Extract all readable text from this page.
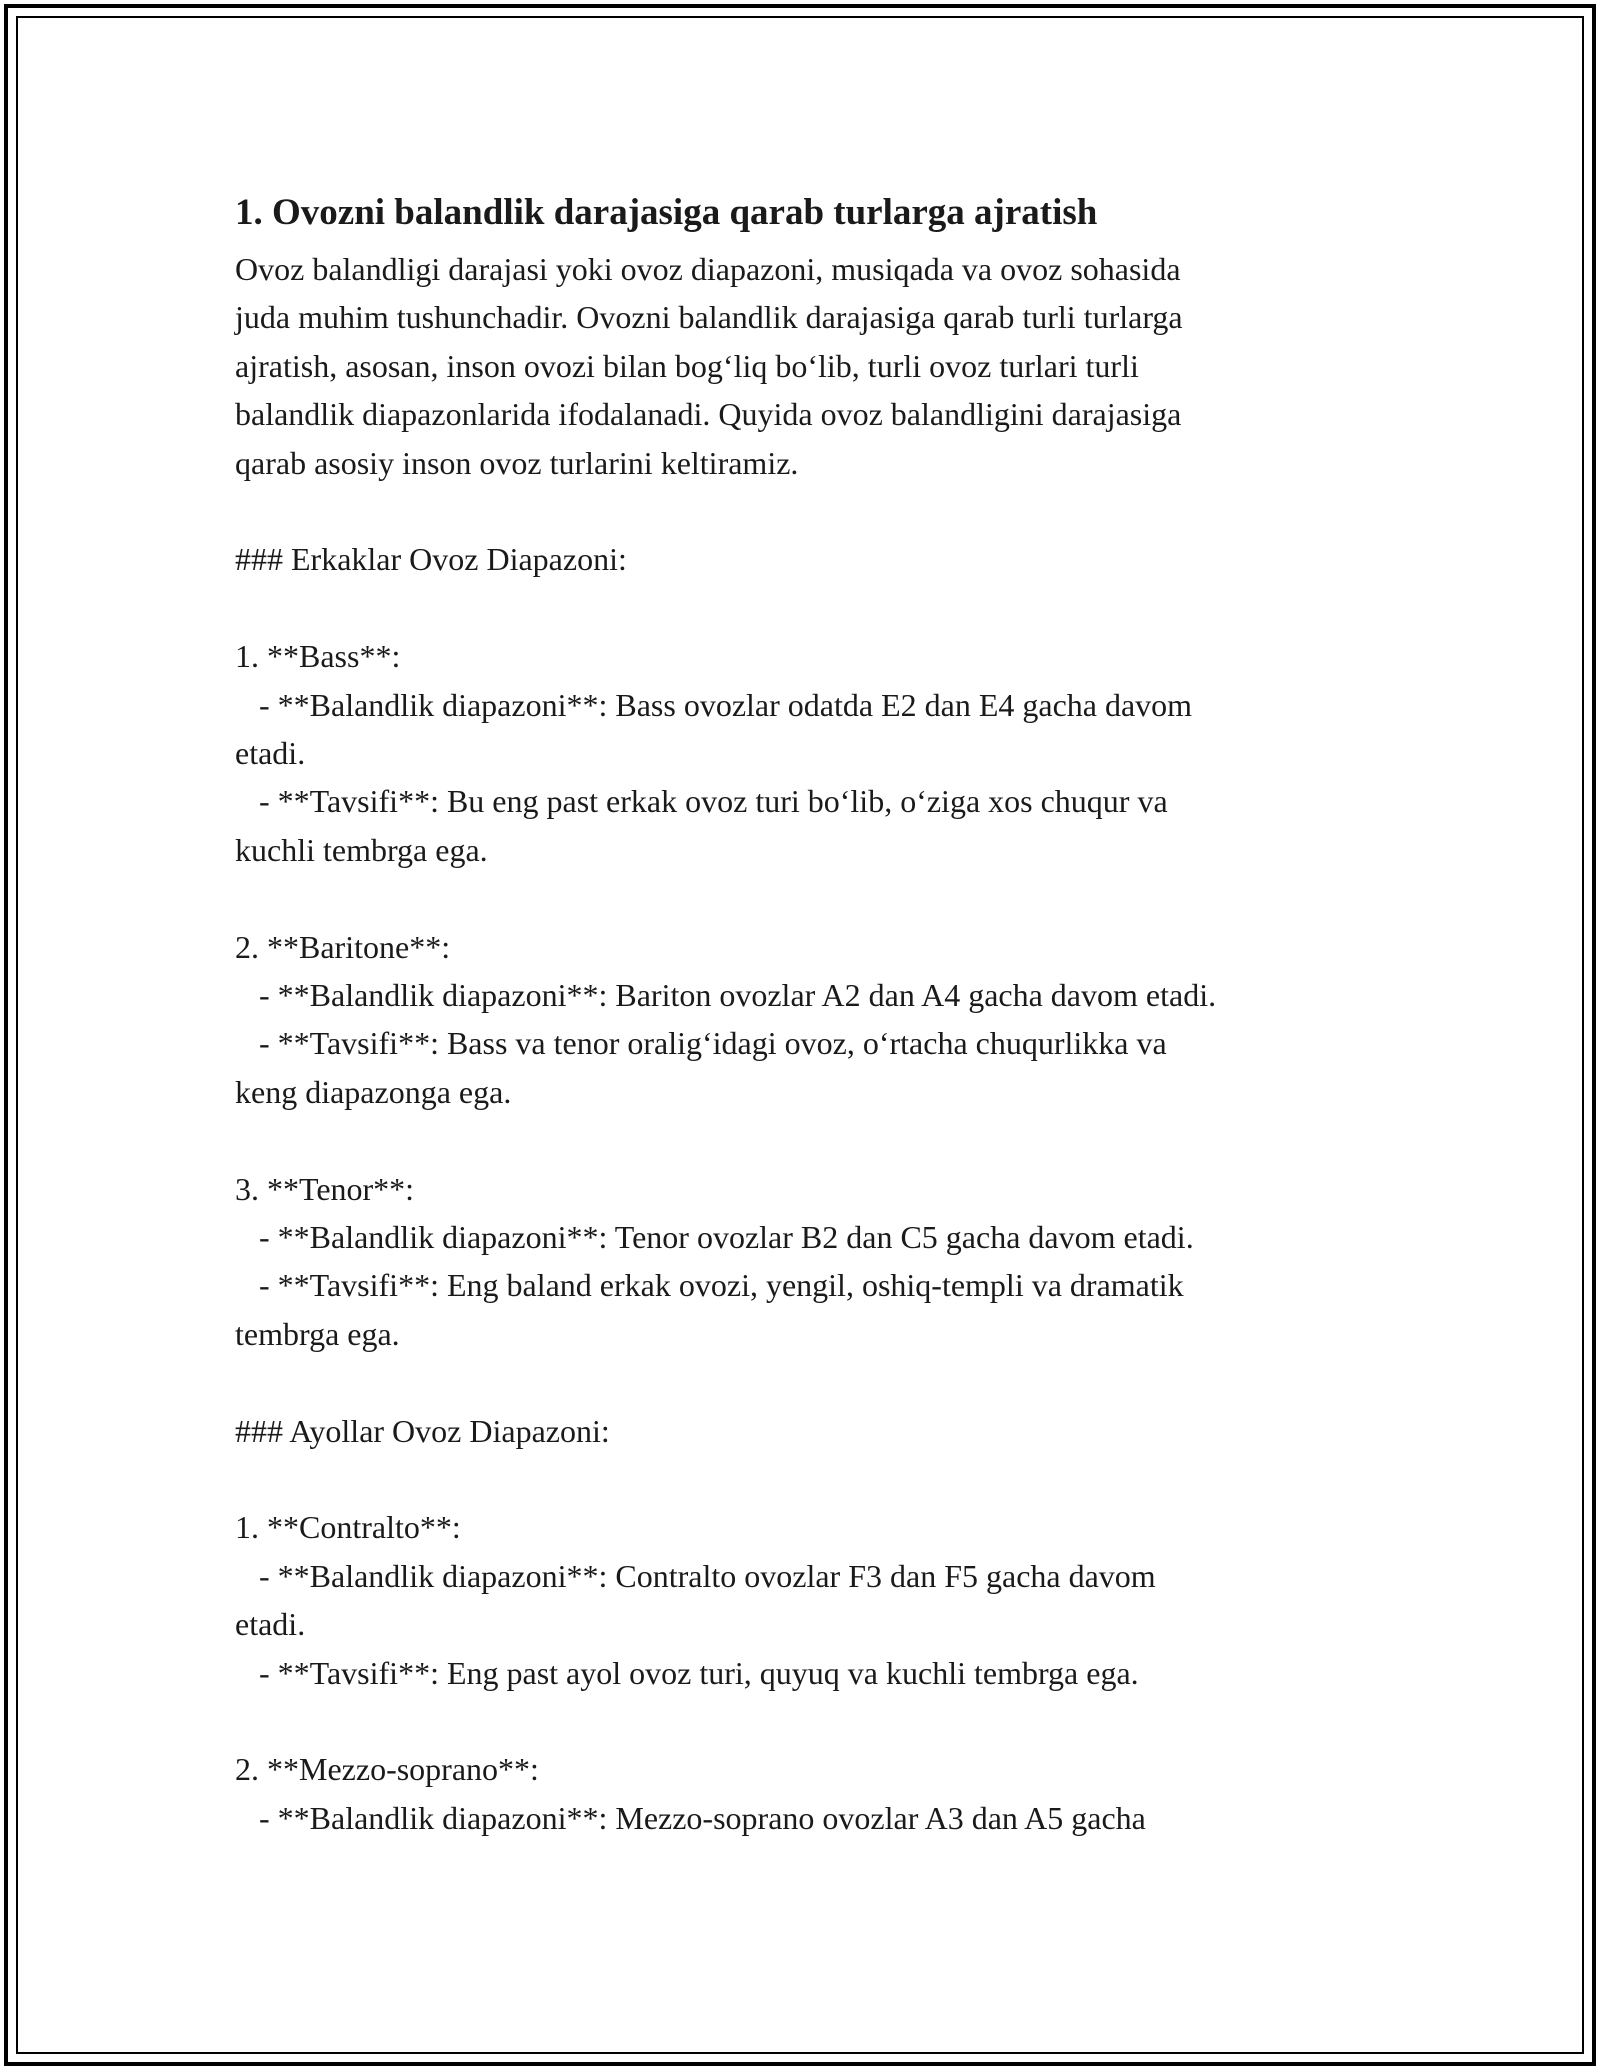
1. Ovozni balandlik darajasiga qarab turlarga ajratish

Ovoz balandligi darajasi yoki ovoz diapazoni, musiqada va ovoz sohasida

juda muhim tushunchadir. Ovozni balandlik darajasiga qarab turli turlarga

ajratish, asosan, inson ovozi bilan bog‘liq bo‘lib, turli ovoz turlari turli

balandlik diapazonlarida ifodalanadi. Quyida ovoz balandligini darajasiga

qarab asosiy inson ovoz turlarini keltiramiz.

### Erkaklar Ovoz Diapazoni:

1. **Bass**:

- **Balandlik diapazoni**: Bass ovozlar odatda E2 dan E4 gacha davom

etadi.

- **Tavsifi**: Bu eng past erkak ovoz turi bo‘lib, o‘ziga xos chuqur va

kuchli tembrga ega.

2. **Baritone**:

- **Balandlik diapazoni**: Bariton ovozlar A2 dan A4 gacha davom etadi.

- **Tavsifi**: Bass va tenor oralig‘idagi ovoz, o‘rtacha chuqurlikka va

keng diapazonga ega.

3. **Tenor**:

- **Balandlik diapazoni**: Tenor ovozlar B2 dan C5 gacha davom etadi.

- **Tavsifi**: Eng baland erkak ovozi, yengil, oshiq-templi va dramatik

tembrga ega.

### Ayollar Ovoz Diapazoni:

1. **Contralto**:

- **Balandlik diapazoni**: Contralto ovozlar F3 dan F5 gacha davom

etadi.

- **Tavsifi**: Eng past ayol ovoz turi, quyuq va kuchli tembrga ega.

2. **Mezzo-soprano**:

- **Balandlik diapazoni**: Mezzo-soprano ovozlar A3 dan A5 gacha
